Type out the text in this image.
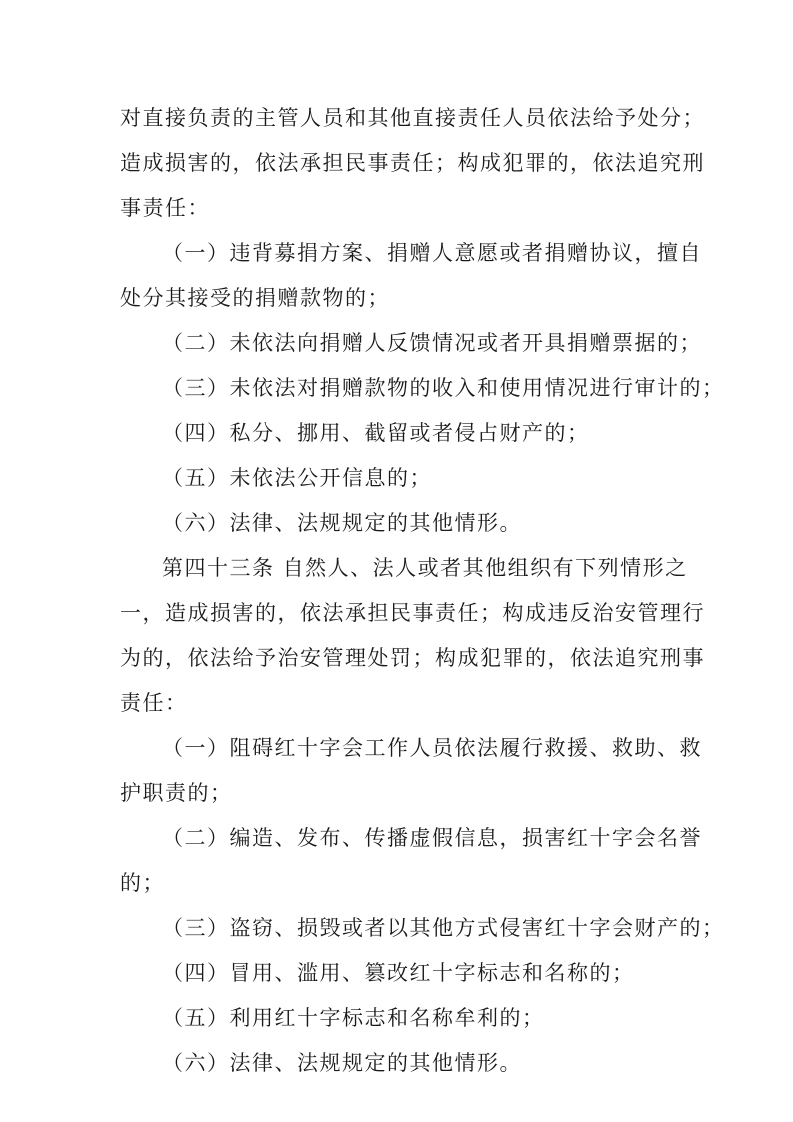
对直接负责的主管人员和其他直接责任人员依法给予处分；
造成损害的，依法承担民事责任；构成犯罪的，依法追究刑
事责任：
（一）违背募捐方案、捐赠人意愿或者捐赠协议，擅自
处分其接受的捐赠款物的；
（二）未依法向捐赠人反馈情况或者开具捐赠票据的；
（三）未依法对捐赠款物的收入和使用情况进行审计的；
（四）私分、挪用、截留或者侵占财产的；
（五）未依法公开信息的；
（六）法律、法规规定的其他情形。
第四十三条 自然人、法人或者其他组织有下列情形之
一，造成损害的，依法承担民事责任；构成违反治安管理行
为的，依法给予治安管理处罚；构成犯罪的，依法追究刑事
责任：
（一）阻碍红十字会工作人员依法履行救援、救助、救
护职责的；
（二）编造、发布、传播虚假信息，损害红十字会名誉
的；
（三）盗窃、损毁或者以其他方式侵害红十字会财产的；
（四）冒用、滥用、篡改红十字标志和名称的；
（五）利用红十字标志和名称牟利的；
（六）法律、法规规定的其他情形。
